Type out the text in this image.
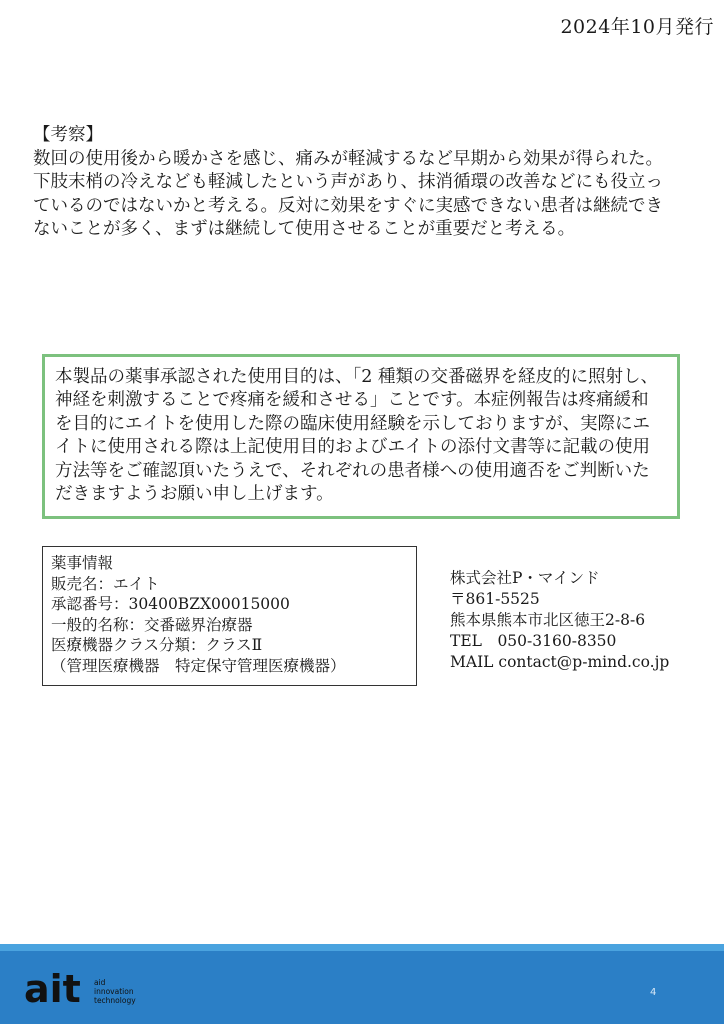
2024年10月発行

【考察】

数回の使用後から暖かさを感じ、痛みが軽減するなど早期から効果が得られた。

下肢末梢の冷えなども軽減したという声があり、抹消循環の改善などにも役立っているのではないかと考える。反対に効果をすぐに実感できない患者は継続できないことが多く、まずは継続して使用させることが重要だと考える。

本製品の薬事承認された使用目的は、「2 種類の交番磁界を経皮的に照射し、神経を刺激することで疼痛を緩和させる」ことです。本症例報告は疼痛緩和を目的にエイトを使用した際の臨床使用経験を示しておりますが、実際にエイトに使用される際は上記使用目的およびエイトの添付文書等に記載の使用方法等をご確認頂いたうえで、それぞれの患者様への使用適否をご判断いただきますようお願い申し上げます。
薬事情報
販売名：エイト
承認番号：30400BZX00015000
一般的名称：交番磁界治療器
医療機器クラス分類：クラスⅡ
（管理医療機器　特定保守管理医療機器）
株式会社P・マインド
〒861-5525
熊本県熊本市北区徳王2-8-6
TEL　050-3160-8350
MAIL contact@p-mind.co.jp
ait aid
innovation
technology
4
